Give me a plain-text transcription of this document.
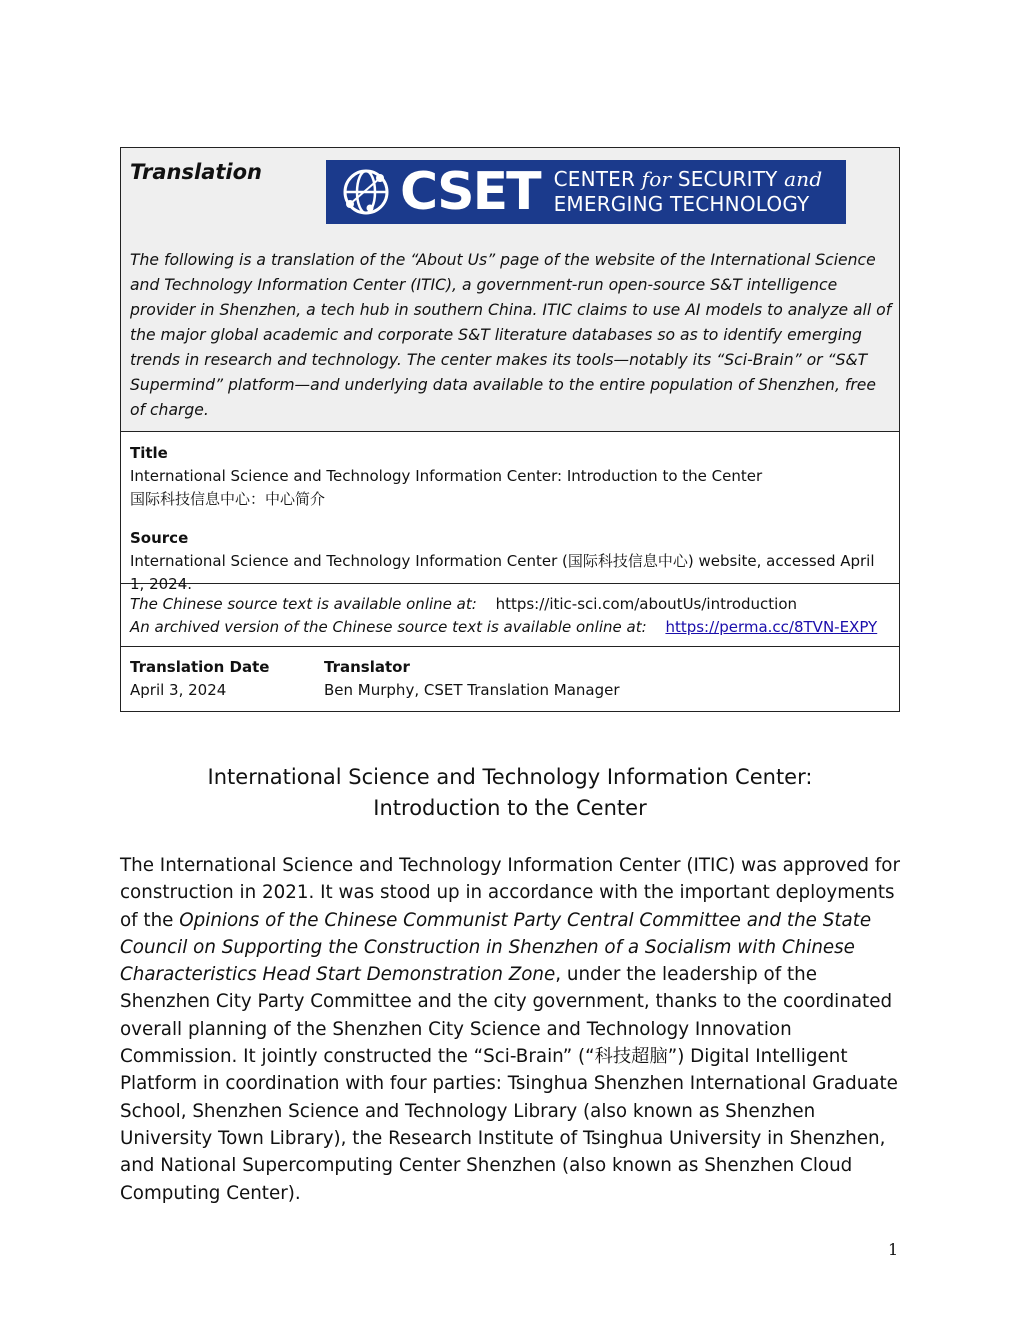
Translation	CSET CENTER for SECURITY and
EMERGING TECHNOLOGY
The following is a translation of the “About Us” page of the website of the International Science and Technology Information Center (ITIC), a government-run open-source S&T intelligence provider in Shenzhen, a tech hub in southern China. ITIC claims to use AI models to analyze all of the major global academic and corporate S&T literature databases so as to identify emerging trends in research and technology. The center makes its tools—notably its “Sci-Brain” or “S&T Supermind” platform—and underlying data available to the entire population of Shenzhen, free of charge.
Title
International Science and Technology Information Center: Introduction to the Center
国际科技信息中心：中心简介
Source
International Science and Technology Information Center (国际科技信息中心) website, accessed April 1, 2024.
The Chinese source text is available online at: https://itic-sci.com/aboutUs/introduction
An archived version of the Chinese source text is available online at: https://perma.cc/8TVN-EXPY
Translation Date
April 3, 2024
Translator
Ben Murphy, CSET Translation Manager
International Science and Technology Information Center:
Introduction to the Center
The International Science and Technology Information Center (ITIC) was approved for construction in 2021. It was stood up in accordance with the important deployments of the Opinions of the Chinese Communist Party Central Committee and the State Council on Supporting the Construction in Shenzhen of a Socialism with Chinese Characteristics Head Start Demonstration Zone, under the leadership of the Shenzhen City Party Committee and the city government, thanks to the coordinated overall planning of the Shenzhen City Science and Technology Innovation Commission. It jointly constructed the “Sci-Brain” (“科技超脑”) Digital Intelligent Platform in coordination with four parties: Tsinghua Shenzhen International Graduate School, Shenzhen Science and Technology Library (also known as Shenzhen University Town Library), the Research Institute of Tsinghua University in Shenzhen, and National Supercomputing Center Shenzhen (also known as Shenzhen Cloud Computing Center).
1
